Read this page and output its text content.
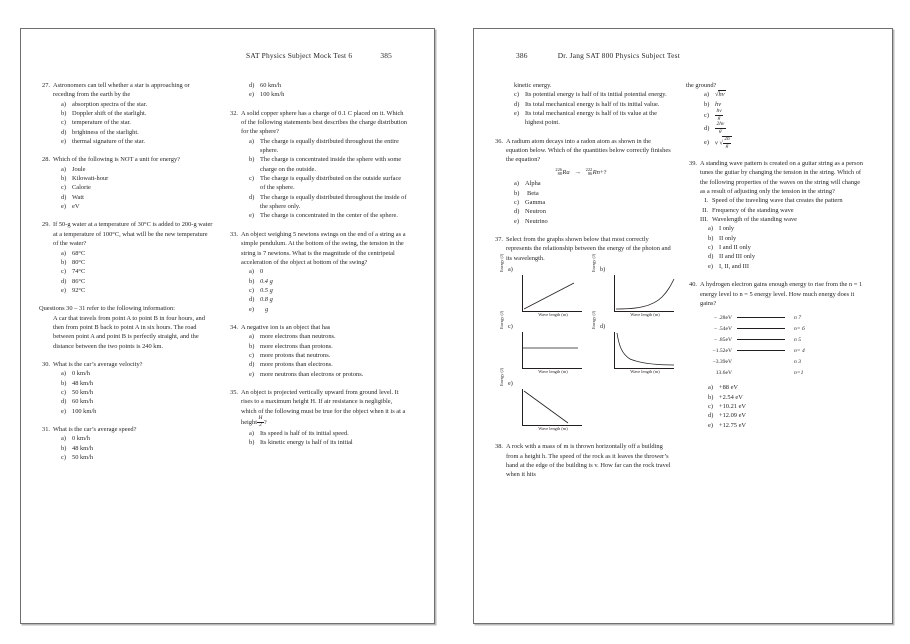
SAT Physics Subject Mock Test 6	385
27. Astronomers can tell whether a star is approaching or receding from the earth by the
a) absorption spectra of the star.
b) Doppler shift of the starlight.
c) temperature of the star.
d) brightness of the starlight.
e) thermal signature of the star.
28. Which of the following is NOT a unit for energy?
a) Joule
b) Kilowatt-hour
c) Calorie
d) Watt
e) eV
29. If 50-g water at a temperature of 30°C is added to 200-g water at a temperature of 100°C, what will be the new temperature of the water?
a) 68°C
b) 80°C
c) 74°C
d) 86°C
e) 92°C
Questions 30 – 31 refer to the following information:
A car that travels from point A to point B in four hours, and then from point B back to point A in six hours. The road between point A and point B is perfectly straight, and the distance between the two points is 240 km.
30. What is the car’s average velocity?
a) 0 km/h
b) 48 km/h
c) 50 km/h
d) 60 km/h
e) 100 km/h
31. What is the car’s average speed?
a) 0 km/h
b) 48 km/h
c) 50 km/h
d) 60 km/h
e) 100 km/h
32. A solid copper sphere has a charge of 0.1 C placed on it. Which of the following statements best describes the charge distribution for the sphere?
a) The charge is equally distributed throughout the entire sphere.
b) The charge is concentrated inside the sphere with some charge on the outside.
c) The charge is equally distributed on the outside surface of the sphere.
d) The charge is equally distributed throughout the inside of the sphere only.
e) The charge is concentrated in the center of the sphere.
33. An object weighing 5 newtons swings on the end of a string as a simple pendulum. At the bottom of the swing, the tension in the string is 7 newtons. What is the magnitude of the centripetal acceleration of the object at bottom of the swing?
a) 0
b) 0.4 g
c) 0.5 g
d) 0.8 g
e)	g
34. A negative ion is an object that has
a) more electrons than neutrons.
b) more electrons than protons.
c) more protons that neutrons.
d) more protons than electrons.
e) more neutrons than electrons or protons.
35. An object is projected vertically upward from ground level. It rises to a maximum height H. If air resistance is negligible, which of the following must be true for the object when it is at a height $\frac{H}{2}$ ?
a) Its speed is half of its initial speed.
b) Its kinetic energy is half of its initial
386	Dr. Jang SAT 800 Physics Subject Test
kinetic energy.
c) Its potential energy is half of its initial potential energy.
d) Its total mechanical energy is half of its initial value.
e) Its total mechanical energy is half of its value at the highest point.
36. A radium atom decays into a radon atom as shown in the equation below. Which of the quantities below correctly finishes the equation?
226
88Ra → 222
86Rn+?
a) Alpha
b)	Beta
c) Gamma
d) Neutron
e) Neutrino
37. Select from the graphs shown below that most correctly represents the relationship between the energy of the photon and its wavelength.
a)
Energy (J)
Wave length (m)
b)
Energy (J)
Wave length (m)
c)
Energy (J)
Wave length (m)
d)
Energy (J)
Wave length (m)
e)
Energy (J)
Wave length (m)
38. A rock with a mass of m is thrown horizontally off a building from a height h. The speed of the rock as it leaves the thrower’s hand at the edge of the building is v. How far can the rock travel when it hits
the ground?
a) √hv
b) hv
c)	$\frac{hv}{g}$
d)	$\frac{2hv}{g}$
e) v √ $\frac{2h}{g}$
39. A standing wave pattern is created on a guitar string as a person tunes the guitar by changing the tension in the string. Which of the following properties of the waves on the string will change as a result of adjusting only the tension in the string?
I. Speed of the traveling wave that creates the pattern
II. Frequency of the standing wave
III. Wavelength of the standing wave
a) I only
b) II only
c) I and II only
d) II and III only
e) I, II, and III
40. A hydrogen electron gains enough energy to rise from the n = 1 energy level to n = 5 energy level. How much energy does it gains?
– .28eV	n 7
– .54eV	n= 6
– .85eV	n 5
–1.52eV	n= 4
–3.39eV	n 3
13.6eV	n=1
a) +88 eV
b) +2.54 eV
c) +10.21 eV
d) +12.09 eV
e) +12.75 eV
